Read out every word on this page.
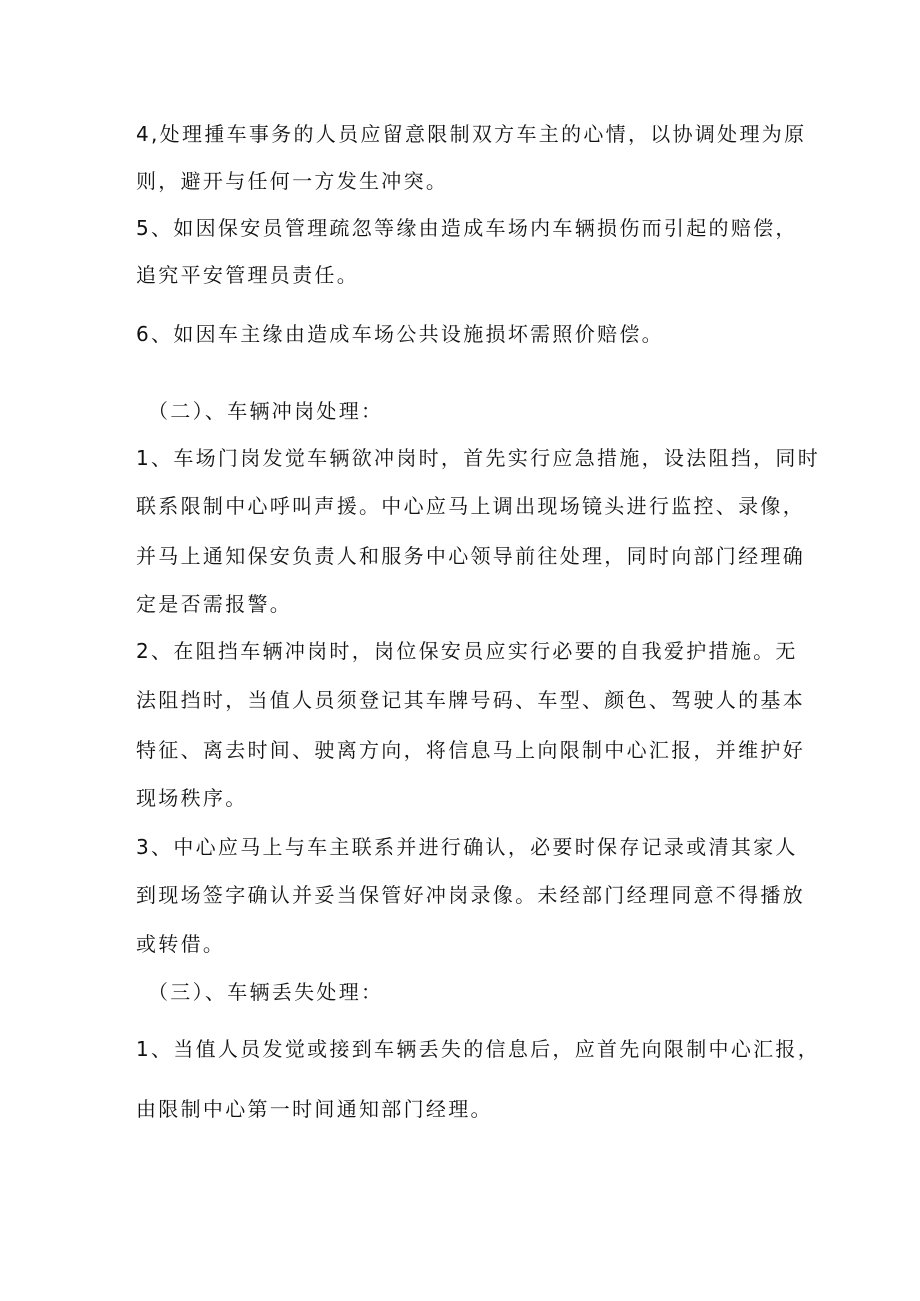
4,处理揰车事务的人员应留意限制双方车主的心情，以协调处理为原
则，避开与任何一方发生冲突。
5、如因保安员管理疏忽等缘由造成车场内车辆损伤而引起的赔偿，
追究平安管理员责任。
6、如因车主缘由造成车场公共设施损坏需照价赔偿。
（二）、车辆冲岗处理：
1、车场门岗发觉车辆欲冲岗时，首先实行应急措施，设法阻挡，同时
联系限制中心呼叫声援。中心应马上调出现场镜头进行监控、录像，
并马上通知保安负责人和服务中心领导前往处理，同时向部门经理确
定是否需报警。
2、在阻挡车辆冲岗时，岗位保安员应实行必要的自我爱护措施。无
法阻挡时，当值人员须登记其车牌号码、车型、颜色、驾驶人的基本
特征、离去时间、驶离方向，将信息马上向限制中心汇报，并维护好
现场秩序。
3、中心应马上与车主联系并进行确认，必要时保存记录或清其家人
到现场签字确认并妥当保管好冲岗录像。未经部门经理同意不得播放
或转借。
（三）、车辆丢失处理：
1、当值人员发觉或接到车辆丢失的信息后，应首先向限制中心汇报，
由限制中心第一时间通知部门经理。
